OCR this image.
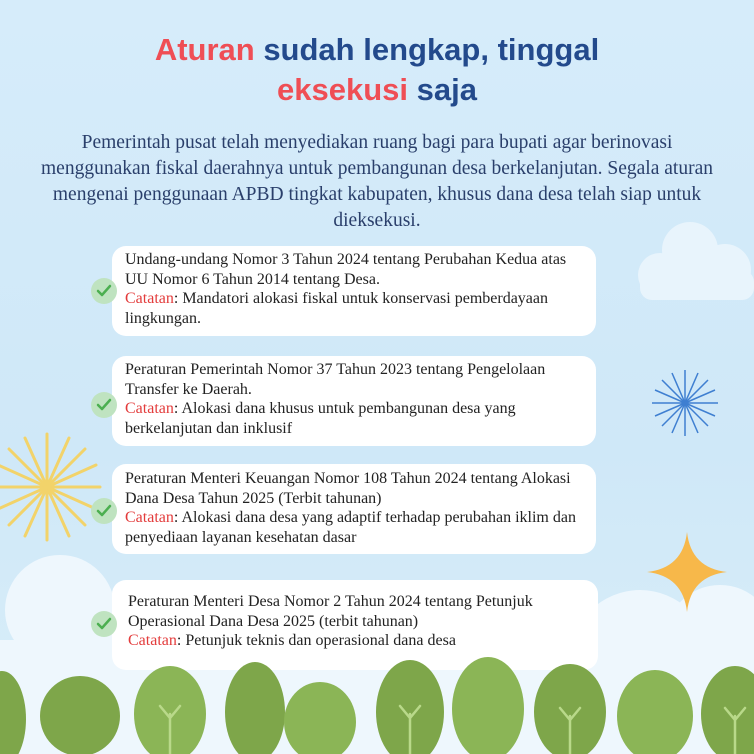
Aturan sudah lengkap, tinggal
eksekusi saja
Pemerintah pusat telah menyediakan ruang bagi para bupati agar berinovasi menggunakan fiskal daerahnya untuk pembangunan desa berkelanjutan. Segala aturan mengenai penggunaan APBD tingkat kabupaten, khusus dana desa telah siap untuk dieksekusi.
Undang-undang Nomor 3 Tahun 2024 tentang Perubahan Kedua atas UU Nomor 6 Tahun 2014 tentang Desa.
Catatan: Mandatori alokasi fiskal untuk konservasi pemberdayaan lingkungan.
Peraturan Pemerintah Nomor 37 Tahun 2023 tentang Pengelolaan Transfer ke Daerah.
Catatan: Alokasi dana khusus untuk pembangunan desa yang berkelanjutan dan inklusif
Peraturan Menteri Keuangan Nomor 108 Tahun 2024 tentang Alokasi Dana Desa Tahun 2025 (Terbit tahunan)
Catatan: Alokasi dana desa yang adaptif terhadap perubahan iklim dan penyediaan layanan kesehatan dasar
Peraturan Menteri Desa Nomor 2 Tahun 2024 tentang Petunjuk Operasional Dana Desa 2025 (terbit tahunan)
Catatan: Petunjuk teknis dan operasional dana desa
